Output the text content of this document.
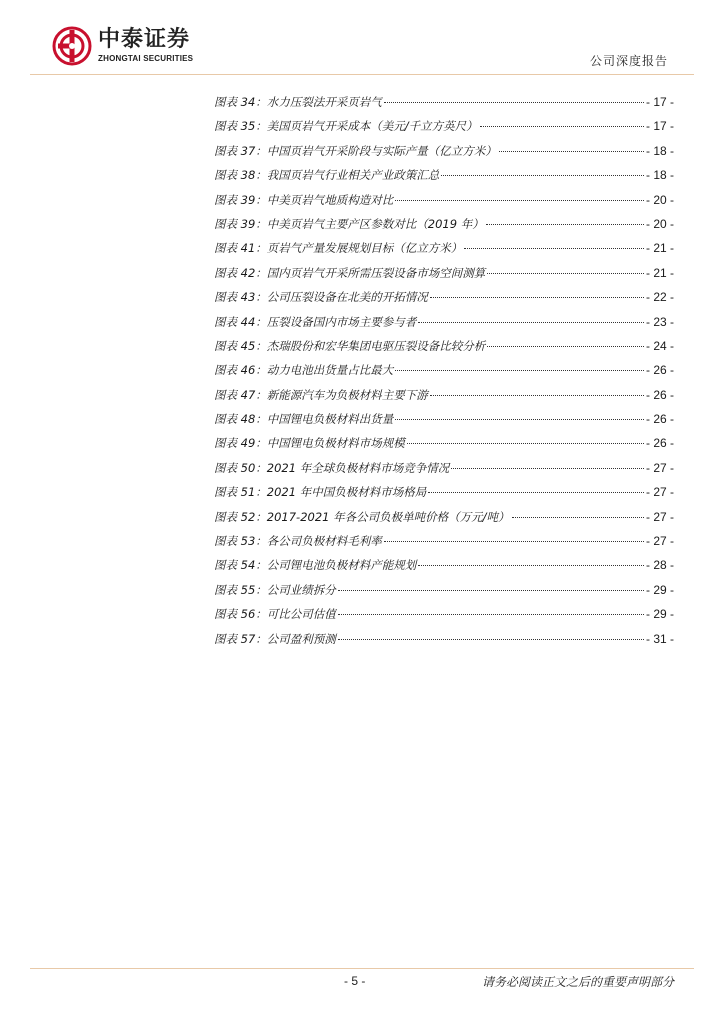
中泰证券
ZHONGTAI SECURITIES	公司深度报告
图表 34：水力压裂法开采页岩气	- 17 -
图表 35：美国页岩气开采成本（美元/千立方英尺）	- 17 -
图表 37：中国页岩气开采阶段与实际产量（亿立方米）	- 18 -
图表 38：我国页岩气行业相关产业政策汇总	- 18 -
图表 39：中美页岩气地质构造对比	- 20 -
图表 39：中美页岩气主要产区参数对比（2019 年）	- 20 -
图表 41：页岩气产量发展规划目标（亿立方米）	- 21 -
图表 42：国内页岩气开采所需压裂设备市场空间测算	- 21 -
图表 43：公司压裂设备在北美的开拓情况	- 22 -
图表 44：压裂设备国内市场主要参与者	- 23 -
图表 45：杰瑞股份和宏华集团电驱压裂设备比较分析	- 24 -
图表 46：动力电池出货量占比最大	- 26 -
图表 47：新能源汽车为负极材料主要下游	- 26 -
图表 48：中国锂电负极材料出货量	- 26 -
图表 49：中国锂电负极材料市场规模	- 26 -
图表 50：2021 年全球负极材料市场竞争情况	- 27 -
图表 51：2021 年中国负极材料市场格局	- 27 -
图表 52：2017-2021 年各公司负极单吨价格（万元/吨）	- 27 -
图表 53：各公司负极材料毛利率	- 27 -
图表 54：公司锂电池负极材料产能规划	- 28 -
图表 55：公司业绩拆分	- 29 -
图表 56：可比公司估值	- 29 -
图表 57：公司盈利预测	- 31 -
- 5 -	请务必阅读正文之后的重要声明部分
